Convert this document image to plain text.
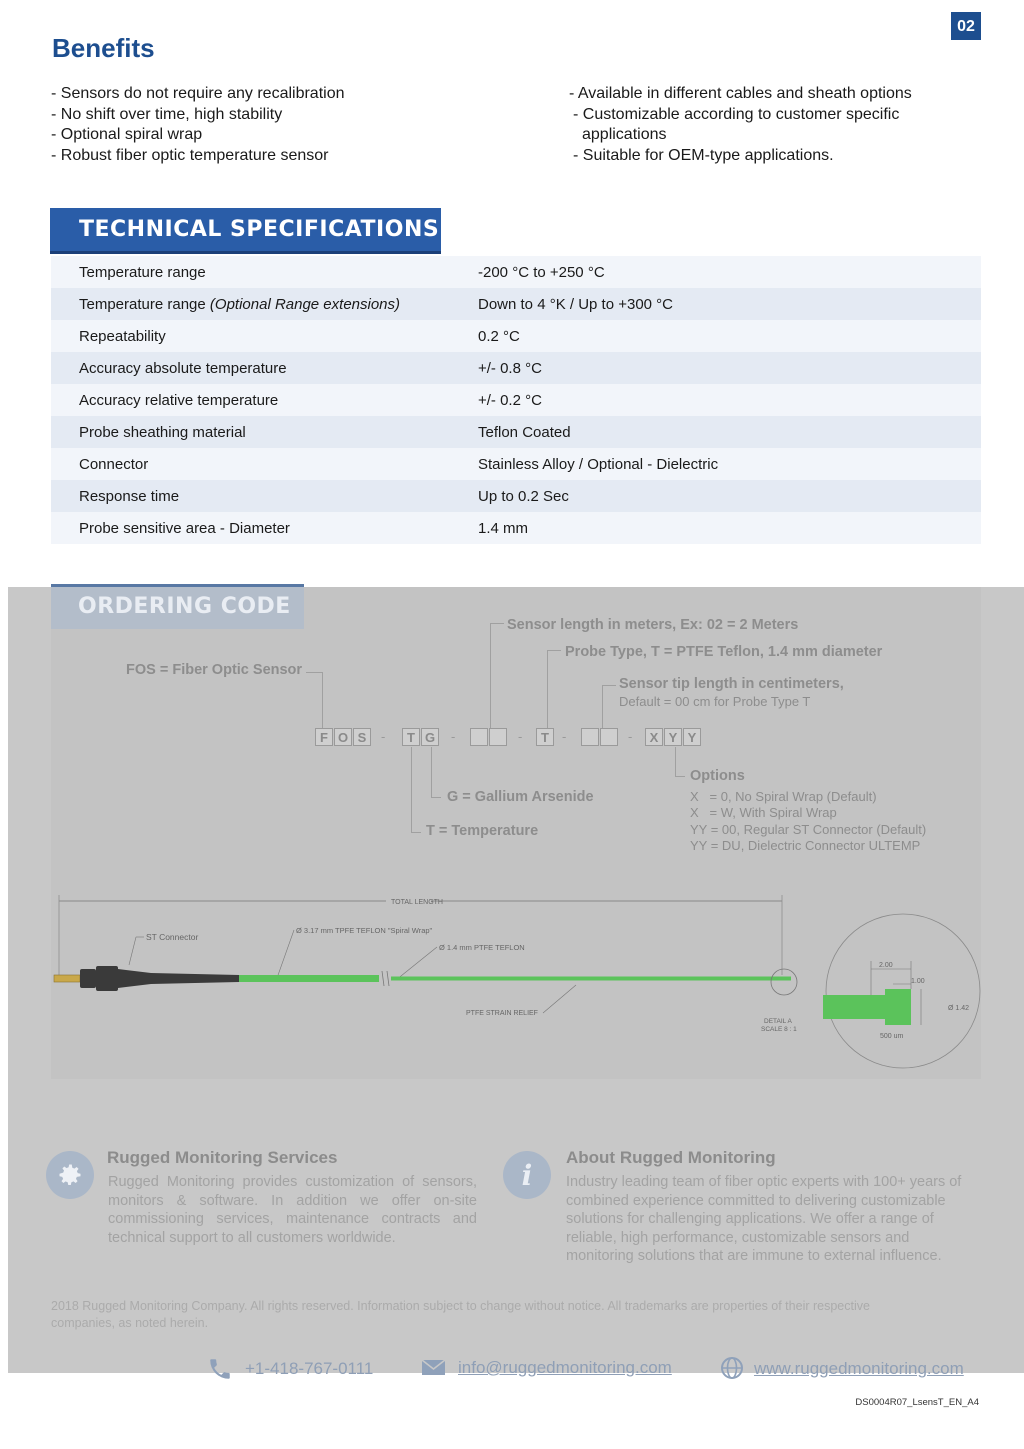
02
Benefits
- Sensors do not require any recalibration
- No shift over time, high stability
- Optional spiral wrap
- Robust fiber optic temperature sensor
- Available in different cables and sheath options
- Customizable according to customer specific
applications
- Suitable for OEM-type applications.
TECHNICAL SPECIFICATIONS
Temperature range	-200 °C to +250 °C
Temperature range (Optional Range extensions)	Down to 4 °K / Up to +300 °C
Repeatability	0.2 °C
Accuracy absolute temperature	+/- 0.8 °C
Accuracy relative temperature	+/- 0.2 °C
Probe sheathing material	Teflon Coated
Connector	Stainless Alloy / Optional - Dielectric
Response time	Up to 0.2 Sec
Probe sensitive area - Diameter	1.4 mm
ORDERING CODE
Sensor length in meters, Ex: 02 = 2 Meters
Probe Type, T = PTFE Teflon, 1.4 mm diameter
FOS = Fiber Optic Sensor
Sensor tip length in centimeters,
Default = 00 cm for Probe Type T
F O S	-	T G	-	-	T	-	-	X Y Y
G = Gallium Arsenide
T = Temperature
Options
X   = 0, No Spiral Wrap (Default)
X   = W, With Spiral Wrap
YY = 00, Regular ST Connector (Default)
YY = DU, Dielectric Connector ULTEMP
TOTAL LENGTH
ST Connector
Ø 3.17 mm TPFE TEFLON "Spiral Wrap"
Ø 1.4 mm PTFE TEFLON
PTFE STRAIN RELIEF
DETAIL A
SCALE 8 : 1
2.00
1.00
Ø 1.42
500 um
Rugged Monitoring Services
Rugged Monitoring provides customization of sensors, monitors & software. In addition we offer on-site commissioning services, maintenance contracts and technical support to all customers worldwide.
i
About Rugged Monitoring
Industry leading team of fiber optic experts with 100+ years of combined experience committed to delivering customizable solutions for challenging applications. We offer a range of reliable, high performance, customizable sensors and monitoring solutions that are immune to external influence.
2018 Rugged Monitoring Company. All rights reserved. Information subject to change without notice. All trademarks are properties of their respective companies, as noted herein.
+1-418-767-0111	info@ruggedmonitoring.com	www.ruggedmonitoring.com
DS0004R07_LsensT_EN_A4
